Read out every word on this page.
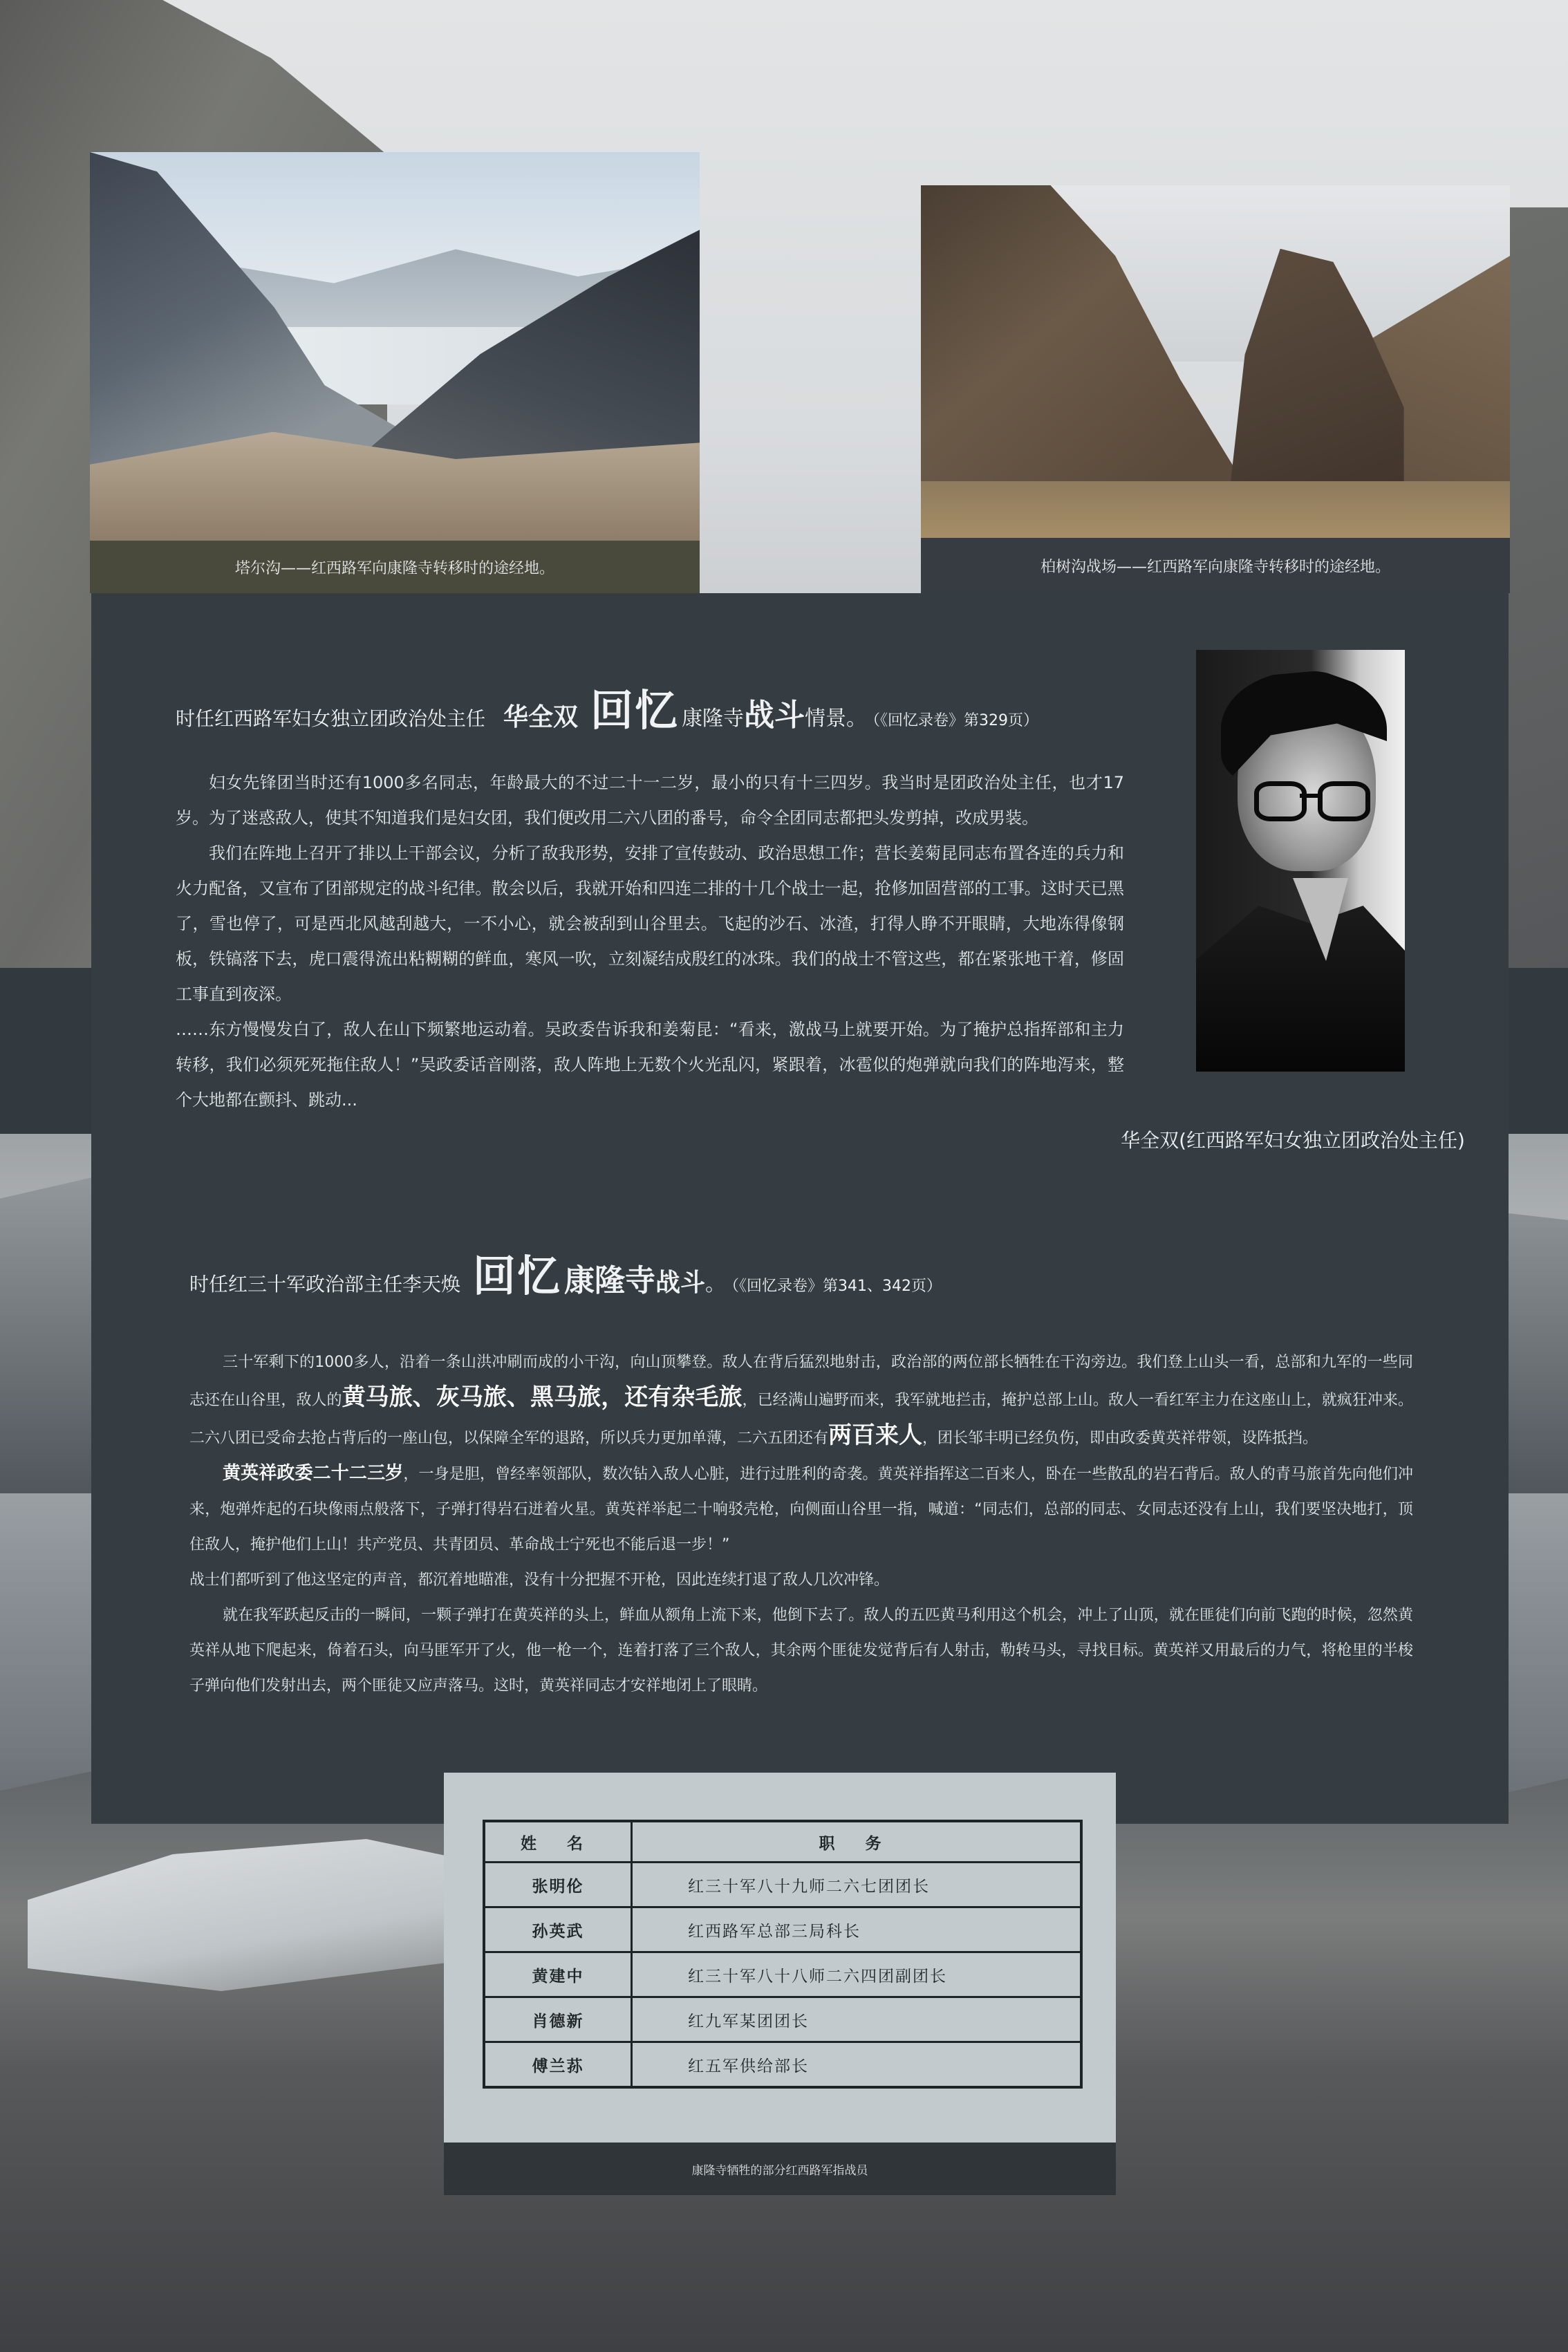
塔尔沟——红西路军向康隆寺转移时的途经地。	柏树沟战场——红西路军向康隆寺转移时的途经地。
时任红西路军妇女独立团政治处主任 华全双 回忆 康隆寺战斗情景。 （《回忆录卷》第329页）

妇女先锋团当时还有1000多名同志，年龄最大的不过二十一二岁，最小的只有十三四岁。我当时是团政治处主任，也才17岁。为了迷惑敌人，使其不知道我们是妇女团，我们便改用二六八团的番号，命令全团同志都把头发剪掉，改成男装。

我们在阵地上召开了排以上干部会议，分析了敌我形势，安排了宣传鼓动、政治思想工作；营长姜菊昆同志布置各连的兵力和火力配备，又宣布了团部规定的战斗纪律。散会以后，我就开始和四连二排的十几个战士一起，抢修加固营部的工事。这时天已黑了，雪也停了，可是西北风越刮越大，一不小心，就会被刮到山谷里去。飞起的沙石、冰渣，打得人睁不开眼睛，大地冻得像钢板，铁镐落下去，虎口震得流出粘糊糊的鲜血，寒风一吹，立刻凝结成殷红的冰珠。我们的战士不管这些，都在紧张地干着，修固工事直到夜深。

……东方慢慢发白了，敌人在山下频繁地运动着。吴政委告诉我和姜菊昆：“看来，激战马上就要开始。为了掩护总指挥部和主力转移，我们必须死死拖住敌人！”吴政委话音刚落，敌人阵地上无数个火光乱闪，紧跟着，冰雹似的炮弹就向我们的阵地泻来，整个大地都在颤抖、跳动...

华全双(红西路军妇女独立团政治处主任)
时任红三十军政治部主任李天焕 回忆康隆寺战斗。 （《回忆录卷》第341、342页）

三十军剩下的1000多人，沿着一条山洪冲刷而成的小干沟，向山顶攀登。敌人在背后猛烈地射击，政治部的两位部长牺牲在干沟旁边。我们登上山头一看，总部和九军的一些同志还在山谷里，敌人的黄马旅、灰马旅、黑马旅，还有杂毛旅，已经满山遍野而来，我军就地拦击，掩护总部上山。敌人一看红军主力在这座山上，就疯狂冲来。二六八团已受命去抢占背后的一座山包，以保障全军的退路，所以兵力更加单薄，二六五团还有两百来人，团长邹丰明已经负伤，即由政委黄英祥带领，设阵抵挡。

黄英祥政委二十二三岁，一身是胆，曾经率领部队，数次钻入敌人心脏，进行过胜利的奇袭。黄英祥指挥这二百来人，卧在一些散乱的岩石背后。敌人的青马旅首先向他们冲来，炮弹炸起的石块像雨点般落下，子弹打得岩石迸着火星。黄英祥举起二十响驳壳枪，向侧面山谷里一指，喊道：“同志们，总部的同志、女同志还没有上山，我们要坚决地打，顶住敌人，掩护他们上山！共产党员、共青团员、革命战士宁死也不能后退一步！”

战士们都听到了他这坚定的声音，都沉着地瞄准，没有十分把握不开枪，因此连续打退了敌人几次冲锋。

就在我军跃起反击的一瞬间，一颗子弹打在黄英祥的头上，鲜血从额角上流下来，他倒下去了。敌人的五匹黄马利用这个机会，冲上了山顶，就在匪徒们向前飞跑的时候，忽然黄英祥从地下爬起来，倚着石头，向马匪军开了火，他一枪一个，连着打落了三个敌人，其余两个匪徒发觉背后有人射击，勒转马头，寻找目标。黄英祥又用最后的力气，将枪里的半梭子弹向他们发射出去，两个匪徒又应声落马。这时，黄英祥同志才安祥地闭上了眼睛。

姓 名	职 务
张明伦	红三十军八十九师二六七团团长
孙英武	红西路军总部三局科长
黄建中	红三十军八十八师二六四团副团长
肖德新	红九军某团团长
傅兰荪	红五军供给部长
康隆寺牺牲的部分红西路军指战员
